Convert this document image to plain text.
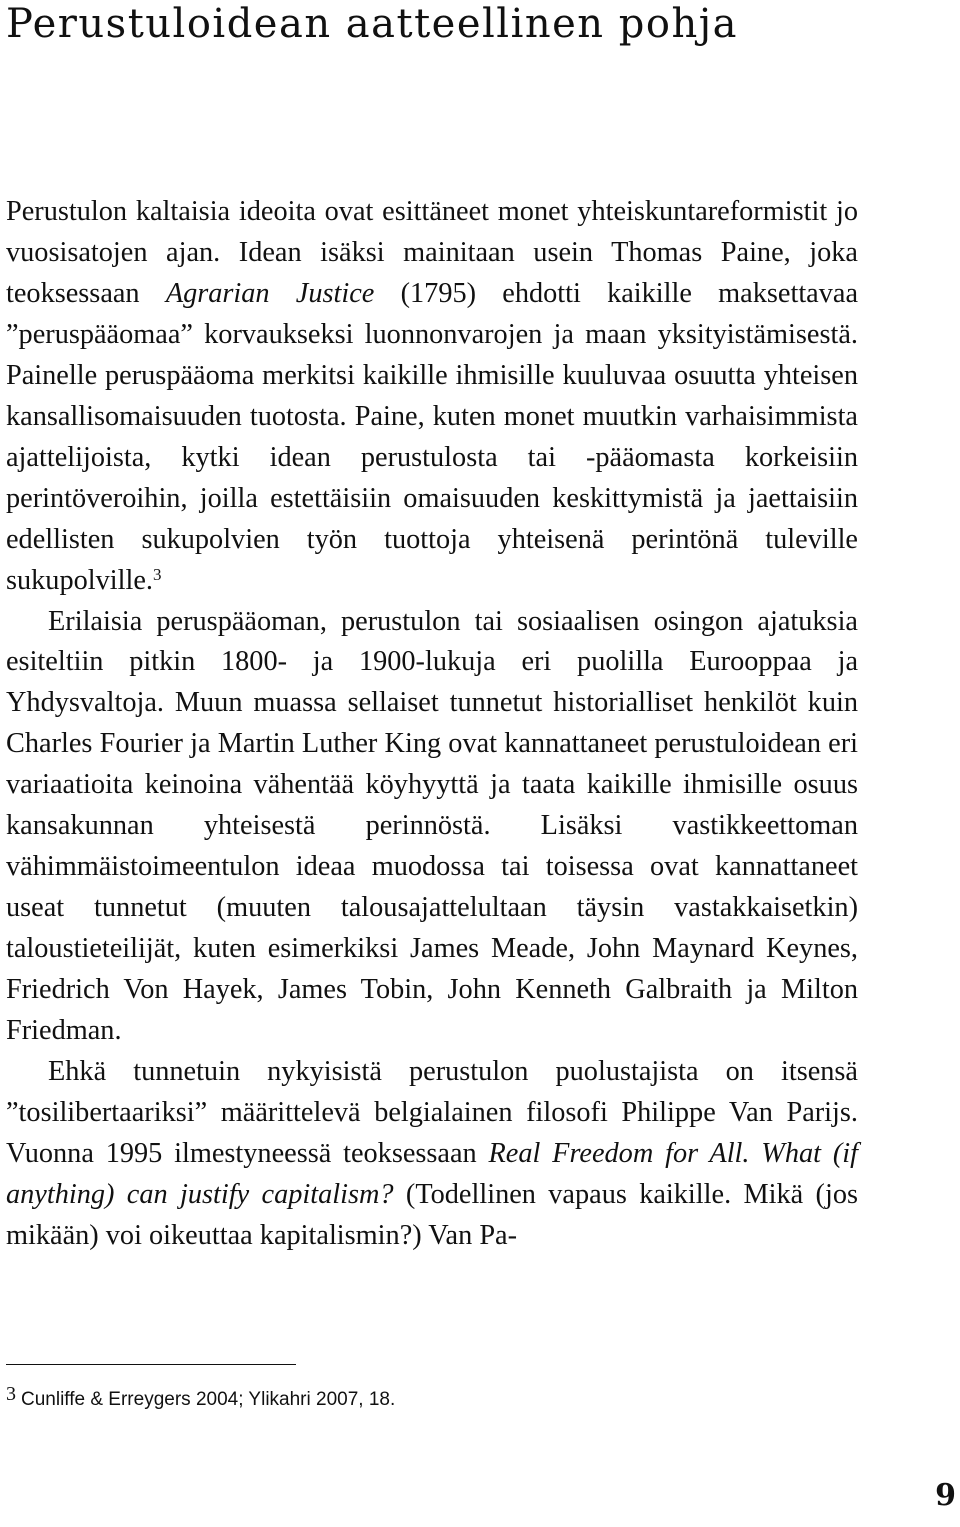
Perustuloidean aatteellinen pohja

Perustulon kaltaisia ideoita ovat esittäneet monet yhteiskuntareformistit jo vuosisatojen ajan. Idean isäksi mainitaan usein Thomas Paine, joka teoksessaan Agrarian Justice (1795) ehdotti kaikille maksettavaa ”peruspääomaa” korvaukseksi luonnonvarojen ja maan yksityistämisestä. Painelle peruspääoma merkitsi kaikille ihmisille kuuluvaa osuutta yhteisen kansallisomaisuuden tuotosta. Paine, kuten monet muutkin varhaisimmista ajattelijoista, kytki idean perustulosta tai -pääomasta korkeisiin perintöveroihin, joilla estettäisiin omaisuuden keskittymistä ja jaettaisiin edellisten sukupolvien työn tuottoja yhteisenä perintönä tuleville sukupolville.$^3$

Erilaisia peruspääoman, perustulon tai sosiaalisen osingon ajatuksia esiteltiin pitkin 1800- ja 1900-lukuja eri puolilla Eurooppaa ja Yhdysvaltoja. Muun muassa sellaiset tunnetut historialliset henkilöt kuin Charles Fourier ja Martin Luther King ovat kannattaneet perustuloidean eri variaatioita keinoina vähentää köyhyyttä ja taata kaikille ihmisille osuus kansakunnan yhteisestä perinnöstä. Lisäksi vastikkeettoman vähimmäistoimeentulon ideaa muodossa tai toisessa ovat kannattaneet useat tunnetut (muuten talousajattelultaan täysin vastakkaisetkin) taloustieteilijät, kuten esimerkiksi James Meade, John Maynard Keynes, Friedrich Von Hayek, James Tobin, John Kenneth Galbraith ja Milton Friedman.

Ehkä tunnetuin nykyisistä perustulon puolustajista on itsensä ”tosilibertaariksi” määrittelevä belgialainen filosofi Philippe Van Parijs. Vuonna 1995 ilmestyneessä teoksessaan Real Freedom for All. What (if anything) can justify capitalism? (Todellinen vapaus kaikille. Mikä (jos mikään) voi oikeuttaa kapitalismin?) Van Pa-

3 Cunliffe & Erreygers 2004; Ylikahri 2007, 18.
9
